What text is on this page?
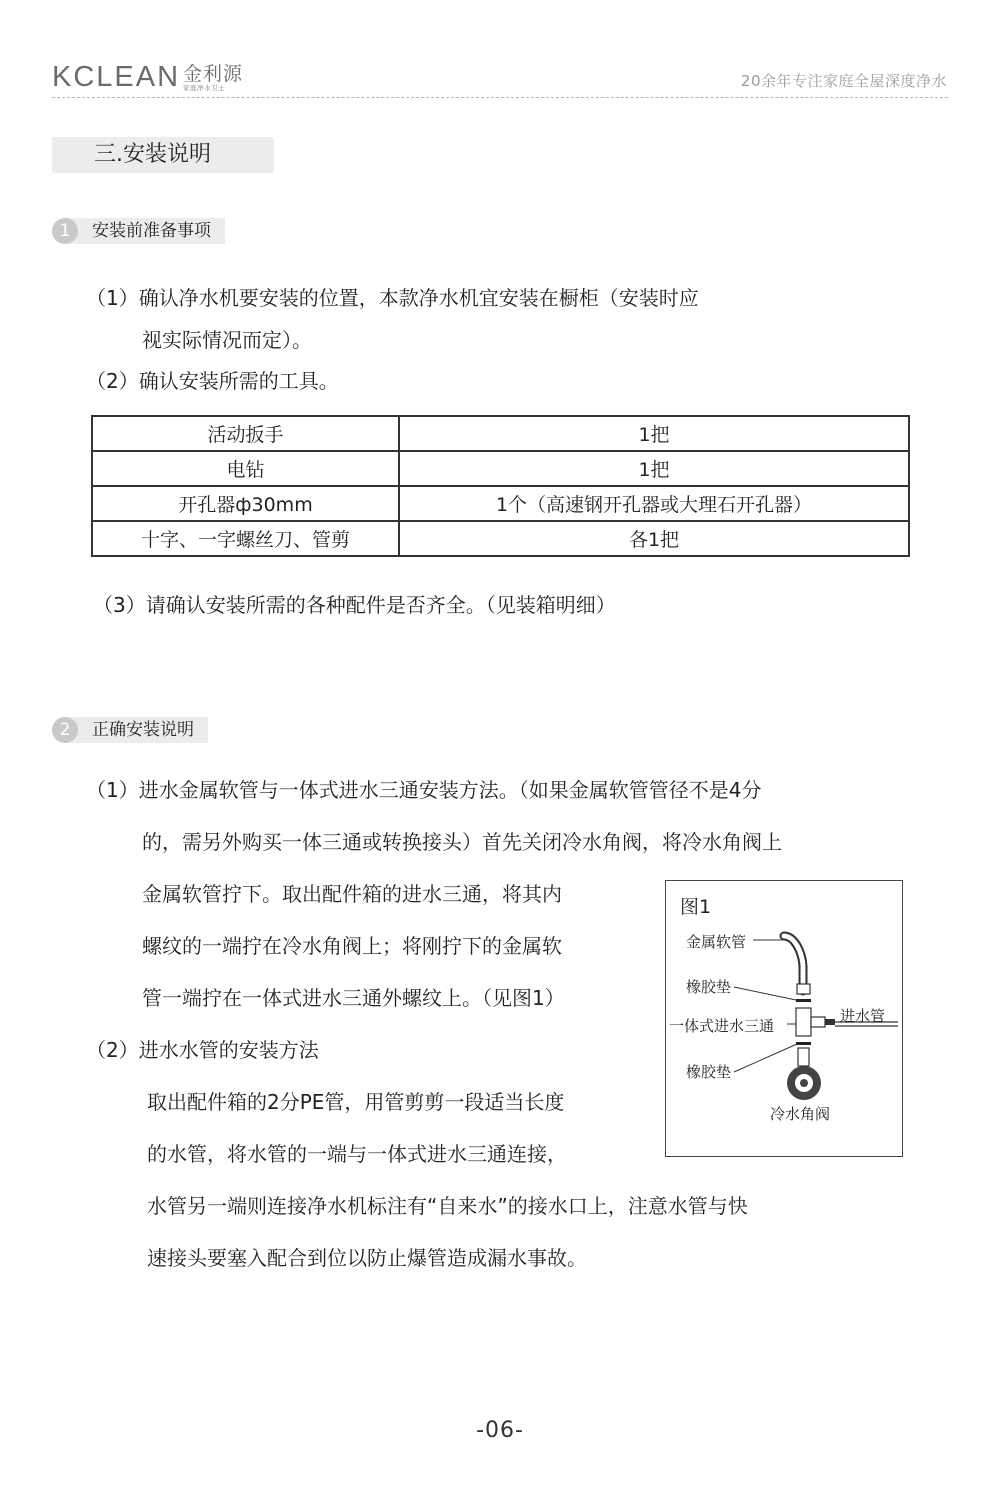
KCLEAN 金利源
家庭净水卫士	20余年专注家庭全屋深度净水
三.安装说明
1	安装前准备事项
（1）确认净水机要安装的位置，本款净水机宜安装在橱柜（安装时应
视实际情况而定）。
（2）确认安装所需的工具。
活动扳手	1把
电钻	1把
开孔器ф30mm	1个（高速钢开孔器或大理石开孔器）
十字、一字螺丝刀、管剪	各1把
（3）请确认安装所需的各种配件是否齐全。（见装箱明细）
2	正确安装说明
（1）进水金属软管与一体式进水三通安装方法。（如果金属软管管径不是4分
的，需另外购买一体三通或转换接头）首先关闭冷水角阀，将冷水角阀上
金属软管拧下。取出配件箱的进水三通，将其内
螺纹的一端拧在冷水角阀上；将刚拧下的金属软
管一端拧在一体式进水三通外螺纹上。（见图1）
（2）进水水管的安装方法
取出配件箱的2分PE管，用管剪剪一段适当长度
的水管，将水管的一端与一体式进水三通连接，
水管另一端则连接净水机标注有“自来水”的接水口上，注意水管与快
速接头要塞入配合到位以防止爆管造成漏水事故。
图1
金属软管
橡胶垫
一体式进水三通
进水管
橡胶垫
冷水角阀
-06-
